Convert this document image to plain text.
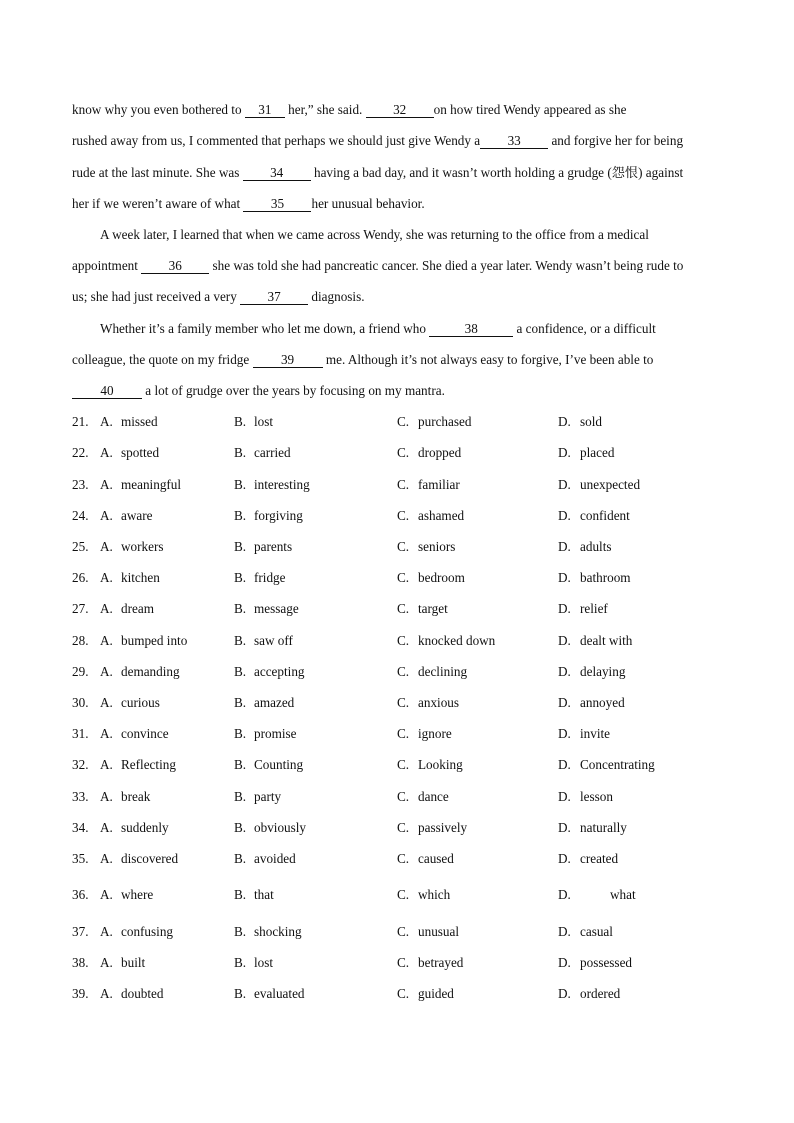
know why you even bothered to 31 her,” she said. 32 on how tired Wendy appeared as she
rushed away from us, I commented that perhaps we should just give Wendy a 33 and forgive her for being
rude at the last minute. She was 34 having a bad day, and it wasn’t worth holding a grudge (怨恨) against
her if we weren’t aware of what 35 her unusual behavior.
A week later, I learned that when we came across Wendy, she was returning to the office from a medical
appointment 36 she was told she had pancreatic cancer. She died a year later. Wendy wasn’t being rude to
us; she had just received a very 37 diagnosis.
Whether it’s a family member who let me down, a friend who	38	a confidence, or a difficult
colleague, the quote on my fridge 39 me. Although it’s not always easy to forgive, I’ve been able to
40 a lot of grudge over the years by focusing on my mantra.
21. A. missed	B. lost	C. purchased	D. sold
22. A. spotted	B. carried	C. dropped	D. placed
23. A. meaningful	B. interesting	C. familiar	D. unexpected
24. A. aware	B. forgiving	C. ashamed	D. confident
25. A. workers	B. parents	C. seniors	D. adults
26. A. kitchen	B. fridge	C. bedroom	D. bathroom
27. A. dream	B. message	C. target	D. relief
28. A. bumped into	B. saw off	C. knocked down	D. dealt with
29. A. demanding	B. accepting	C. declining	D. delaying
30. A. curious	B. amazed	C. anxious	D. annoyed
31. A. convince	B. promise	C. ignore	D. invite
32. A. Reflecting	B. Counting	C. Looking	D. Concentrating
33. A. break	B. party	C. dance	D. lesson
34. A. suddenly	B. obviously	C. passively	D. naturally
35. A. discovered	B. avoided	C. caused	D. created
36. A. where	B. that	C. which	D.	what
37. A. confusing	B. shocking	C. unusual	D. casual
38. A. built	B. lost	C. betrayed	D. possessed
39. A. doubted	B. evaluated	C. guided	D. ordered
